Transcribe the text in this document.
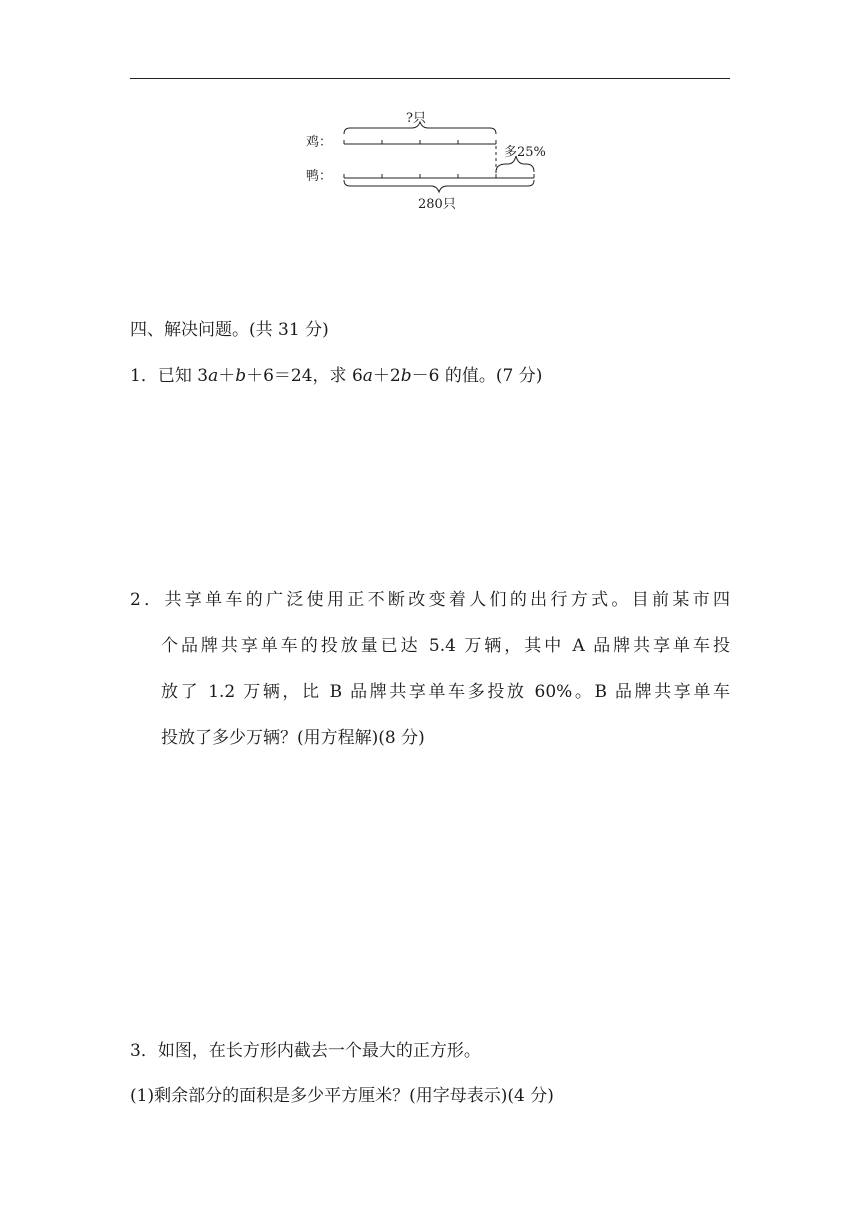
?只
鸡：
多25%
鸭：
280只
四、解决问题。(共 31 分)
1．已知 3a＋b＋6＝24，求 6a＋2b－6 的值。(7 分)
2．共享单车的广泛使用正不断改变着人们的出行方式。目前某市四
个品牌共享单车的投放量已达 5.4 万辆，其中 A 品牌共享单车投
放了 1.2 万辆，比 B 品牌共享单车多投放 60%。B 品牌共享单车
投放了多少万辆？(用方程解)(8 分)
3．如图，在长方形内截去一个最大的正方形。
(1)剩余部分的面积是多少平方厘米？(用字母表示)(4 分)
